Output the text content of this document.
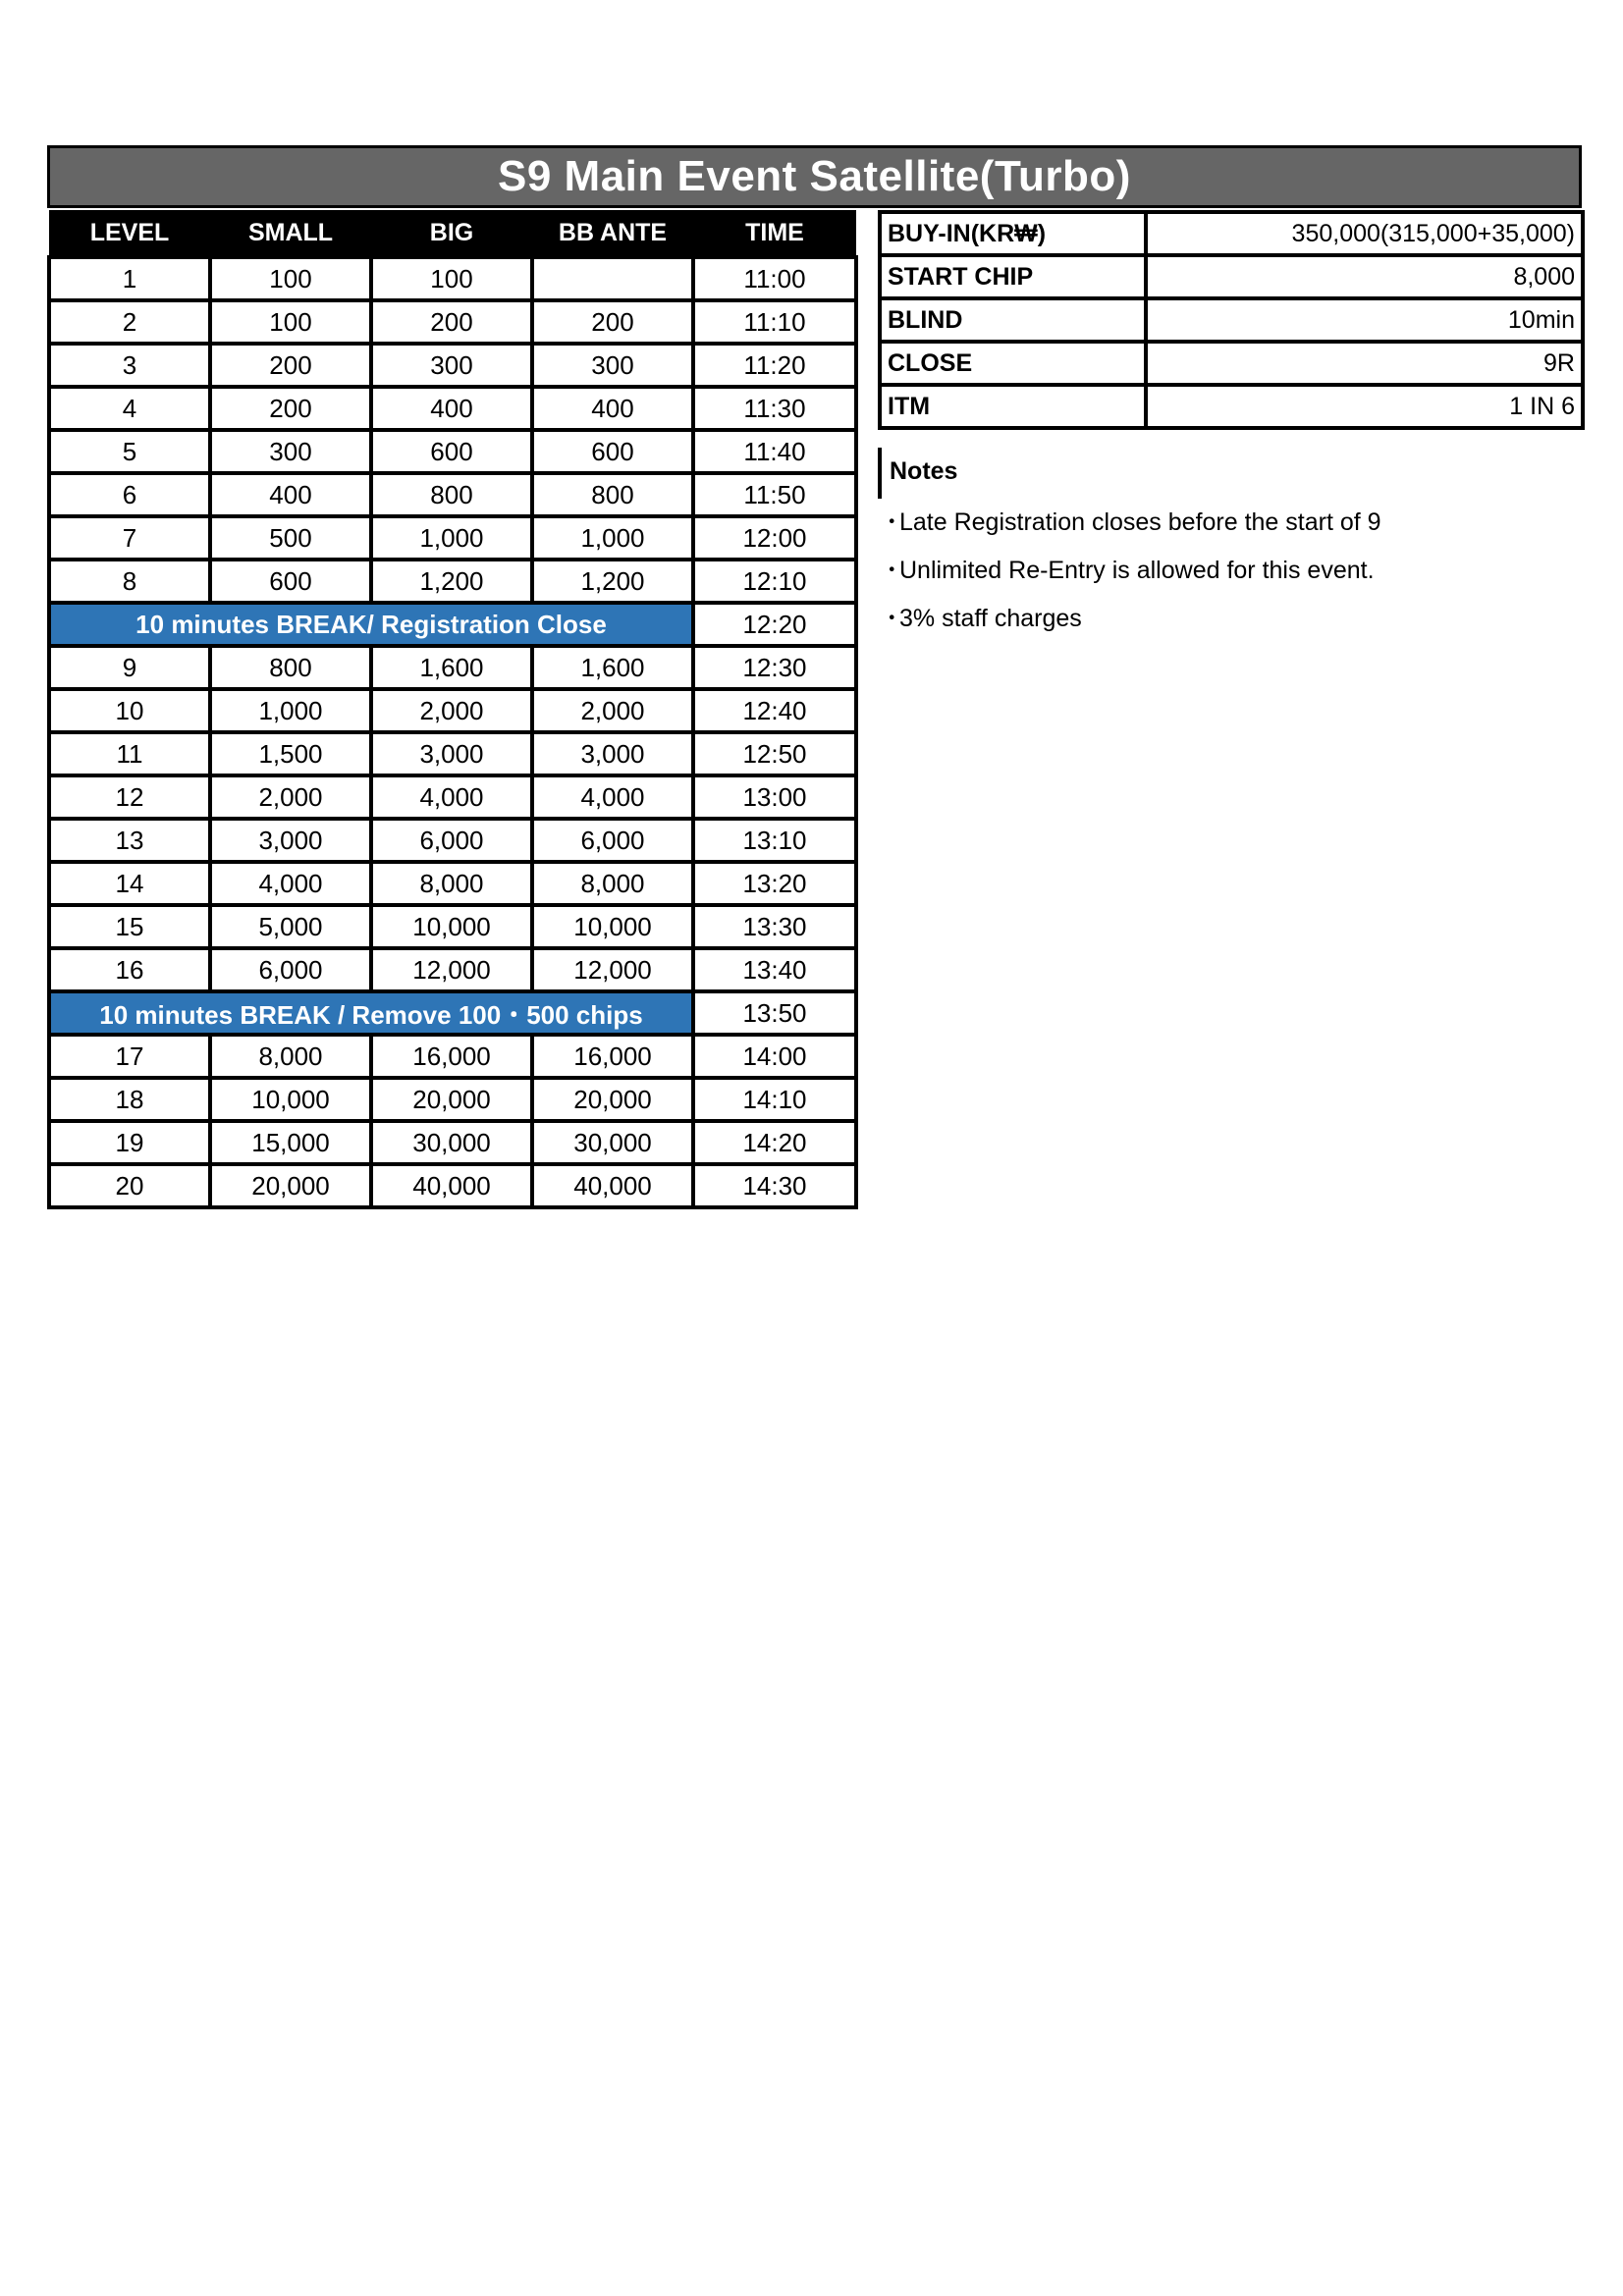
S9 Main Event Satellite(Turbo)
LEVEL	SMALL	BIG	BB ANTE	TIME
1	100	100		11:00
2	100	200	200	11:10
3	200	300	300	11:20
4	200	400	400	11:30
5	300	600	600	11:40
6	400	800	800	11:50
7	500	1,000	1,000	12:00
8	600	1,200	1,200	12:10
10 minutes BREAK/ Registration Close				12:20
9	800	1,600	1,600	12:30
10	1,000	2,000	2,000	12:40
11	1,500	3,000	3,000	12:50
12	2,000	4,000	4,000	13:00
13	3,000	6,000	6,000	13:10
14	4,000	8,000	8,000	13:20
15	5,000	10,000	10,000	13:30
16	6,000	12,000	12,000	13:40
10 minutes BREAK / Remove 100・500 chips				13:50
17	8,000	16,000	16,000	14:00
18	10,000	20,000	20,000	14:10
19	15,000	30,000	30,000	14:20
20	20,000	40,000	40,000	14:30
BUY-IN(KR₩)	350,000(315,000+35,000)
START CHIP	8,000
BLIND	10min
CLOSE	9R
ITM	1 IN 6
Notes
･Late Registration closes before the start of 9
･Unlimited Re-Entry is allowed for this event.
･3% staff charges
